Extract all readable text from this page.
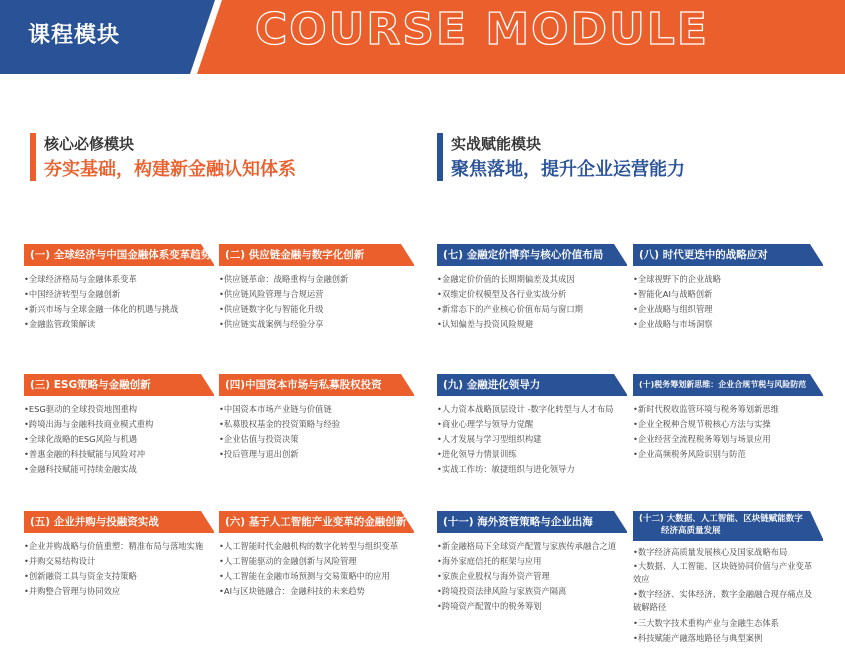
课程模块	COURSE MODULE
核心必修模块
夯实基础，构建新金融认知体系
实战赋能模块
聚焦落地，提升企业运营能力
(一) 全球经济与中国金融体系变革趋势
•全球经济格局与金融体系变革
•中国经济转型与金融创新
•新兴市场与全球金融一体化的机遇与挑战
•金融监管政策解读
(二) 供应链金融与数字化创新
•供应链革命：战略重构与金融创新
•供应链风险管理与合规运营
•供应链数字化与智能化升级
•供应链实战案例与经验分享
(七) 金融定价博弈与核心价值布局
•金融定价价值的长期期偏差及其成因
•双维定价权模型及各行业实战分析
•新常态下的产业核心价值布局与窗口期
•认知偏差与投资风险规避
(八) 时代更迭中的战略应对
•全球视野下的企业战略
•智能化AI与战略创新
•企业战略与组织管理
•企业战略与市场洞察
(三) ESG策略与金融创新
•ESG驱动的全球投资地图重构
•跨境出海与金融科技商业模式重构
•全球化战略的ESG风险与机遇
•普惠金融的科技赋能与风险对冲
•金融科技赋能可持续金融实战
(四)中国资本市场与私募股权投资
•中国资本市场产业链与价值链
•私募股权基金的投资策略与经验
•企业估值与投资决策
•投后管理与退出创新
(九) 金融进化领导力
•人力资本战略顶层设计 -数字化转型与人才布局
•商业心理学与领导力觉醒
•人才发展与学习型组织构建
•进化领导力情景训练
•实战工作坊：敏捷组织与进化领导力
(十)税务筹划新思维：企业合规节税与风险防范
•新时代税收监管环境与税务筹划新思维
•企业全税种合规节税核心方法与实操
•企业经营全流程税务筹划与场景应用
•企业高频税务风险识别与防范
(五) 企业并购与投融资实战
•企业并购战略与价值重塑：精准布局与落地实施
•并购交易结构设计
•创新融资工具与资金支持策略
•并购整合管理与协同效应
(六) 基于人工智能产业变革的金融创新
•人工智能时代金融机构的数字化转型与组织变革
•人工智能驱动的金融创新与风险管理
•人工智能在金融市场预测与交易策略中的应用
•AI与区块链融合：金融科技的未来趋势
(十一) 海外资管策略与企业出海
•新金融格局下全球资产配置与家族传承融合之道
•海外家庭信托的框架与应用
•家族企业股权与海外资产管理
•跨境投资法律风险与家族资产隔离
•跨境资产配置中的税务筹划
(十二) 大数据、人工智能、区块链赋能数字
经济高质量发展
•数字经济高质量发展核心及国家战略布局
•大数据、人工智能、区块链协同价值与产业变革效应
•数字经济、实体经济、数字金融融合现存痛点及破解路径
•三大数字技术重构产业与金融生态体系
•科技赋能产融落地路径与典型案例
